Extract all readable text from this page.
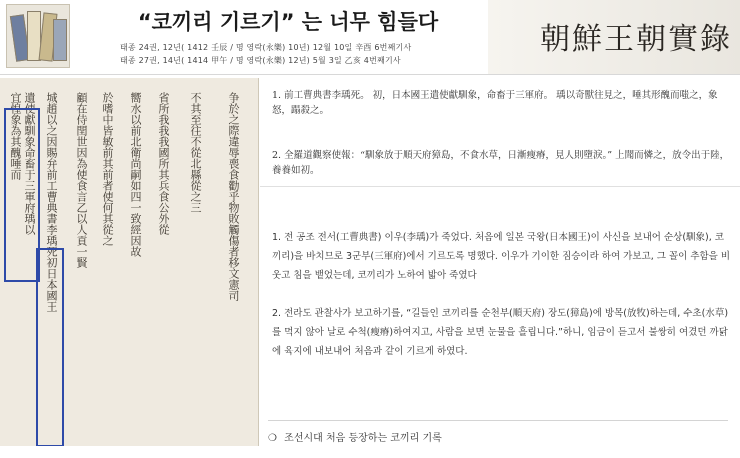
“코끼리 기르기” 는 너무 힘들다
태종 24권, 12년( 1412 壬辰 / 명 영락(永樂) 10년) 12월 10일 辛酉 6번째기사
태종 27권, 14년( 1414 甲午 / 명 영락(永樂) 12년) 5월 3일 乙亥 4번째기사
朝鮮王朝實錄
宜惶象為其醜唾而 遺使獻馴象命畜于三軍府瑀以 城趙以之因賜弁前工曹典書李瑀死初日本國王 顧在侍閏世因為使食言乙以人貢一賢 於嗜中皆敏前其前者使何其從之 嚮水以前北衛尚嗣如四一致經因故 省所我我我國所其兵食公外從 不其至往不從北縣從之三 争於之際違辱喪食勸乎物敗觸傷者移文憲司	1. 前工曹典書李瑀死。 初，日本國王遣使獻馴象，命畜于三軍府。 瑀以奇獸往見之，唾其形醜而嗤之，象怒，蹋殺之。
2. 全羅道觀察使報：“馴象放于順天府獐島，不食水草，日漸瘦瘠，見人則墮淚。” 上聞而憐之，放令出于陸，養養如初。
1. 전 공조 전서(工曹典書) 이우(李瑀)가 죽었다. 처음에 일본 국왕(日本國王)이 사신을 보내어 순상(馴象), 코끼리)을 바치므로 3군부(三軍府)에서 기르도록 명했다. 이우가 기이한 짐승이라 하여 가보고, 그 꼴이 추함을 비웃고 침을 뱉었는데, 코끼리가 노하여 밟아 죽였다
2. 전라도 관찰사가 보고하기를, “길들인 코끼리를 순천부(順天府) 장도(獐島)에 방목(放牧)하는데, 수초(水草)를 먹지 않아 날로 수척(瘦瘠)하여지고, 사람을 보면 눈물을 흘립니다.”하니, 임금이 듣고서 불쌍히 여겼던 까닭에 육지에 내보내어 처음과 같이 기르게 하였다.
❍ 조선시대 처음 등장하는 코끼리 기록
